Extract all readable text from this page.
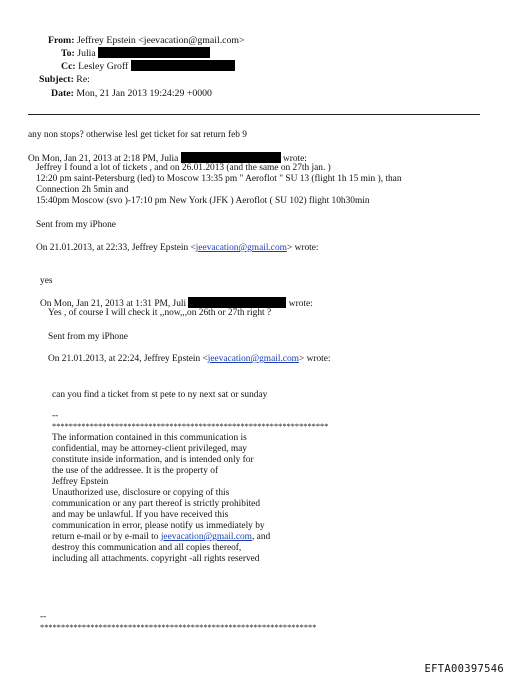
From: Jeffrey Epstein <jeevacation@gmail.com>
To: Julia
Cc: Lesley Groff
Subject: Re:
Date: Mon, 21 Jan 2013 19:24:29 +0000
any non stops? otherwise lesl get ticket for sat return feb 9
On Mon, Jan 21, 2013 at 2:18 PM, Julia	wrote:
Jeffrey I found a lot of tickets , and on 26.01.2013 (and the same on 27th jan. )
12:20 pm saint-Petersburg (led) to Moscow 13:35 pm " Aeroflot " SU 13 (flight 1h 15 min ), than
Connection 2h 5min and
15:40pm Moscow (svo )-17:10 pm New York (JFK ) Aeroflot ( SU 102) flight 10h30min
Sent from my iPhone
On 21.01.2013, at 22:33, Jeffrey Epstein <jeevacation@gmail.com> wrote:
yes
On Mon, Jan 21, 2013 at 1:31 PM, Juli	wrote:
Yes , of course I will check it ,,now,,,on 26th or 27th right ?
Sent from my iPhone
On 21.01.2013, at 22:24, Jeffrey Epstein <jeevacation@gmail.com> wrote:
can you find a ticket from st pete to ny next sat or sunday
--
******************************************************************
The information contained in this communication is
confidential, may be attorney-client privileged, may
constitute inside information, and is intended only for
the use of the addressee. It is the property of
Jeffrey Epstein
Unauthorized use, disclosure or copying of this
communication or any part thereof is strictly prohibited
and may be unlawful. If you have received this
communication in error, please notify us immediately by
return e-mail or by e-mail to jeevacation@gmail.com, and
destroy this communication and all copies thereof,
including all attachments. copyright -all rights reserved
--
******************************************************************
EFTA00397546
